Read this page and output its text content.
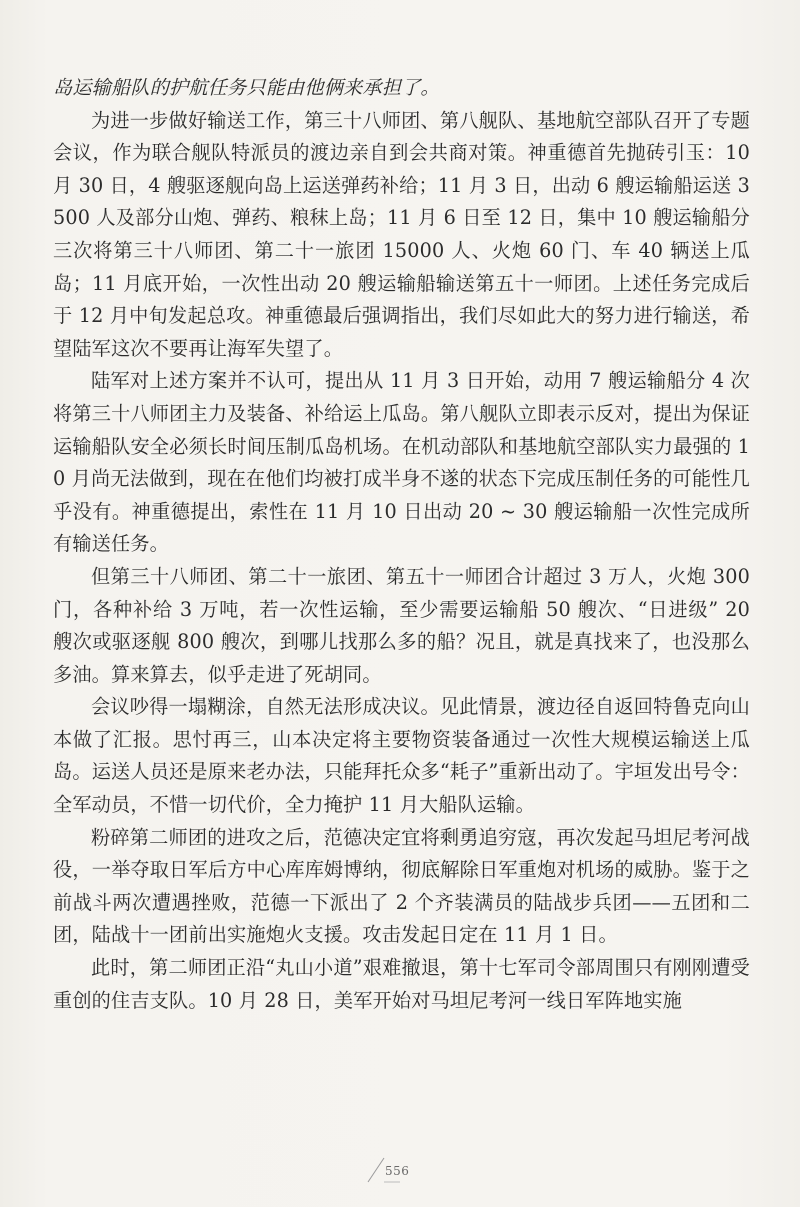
岛运输船队的护航任务只能由他俩来承担了。

为进一步做好输送工作，第三十八师团、第八舰队、基地航空部队召开了专题会议，作为联合舰队特派员的渡边亲自到会共商对策。神重德首先抛砖引玉：10 月 30 日，4 艘驱逐舰向岛上运送弹药补给；11 月 3 日，出动 6 艘运输船运送 3500 人及部分山炮、弹药、粮秣上岛；11 月 6 日至 12 日，集中 10 艘运输船分三次将第三十八师团、第二十一旅团 15000 人、火炮 60 门、车 40 辆送上瓜岛；11 月底开始，一次性出动 20 艘运输船输送第五十一师团。上述任务完成后于 12 月中旬发起总攻。神重德最后强调指出，我们尽如此大的努力进行输送，希望陆军这次不要再让海军失望了。

陆军对上述方案并不认可，提出从 11 月 3 日开始，动用 7 艘运输船分 4 次将第三十八师团主力及装备、补给运上瓜岛。第八舰队立即表示反对，提出为保证运输船队安全必须长时间压制瓜岛机场。在机动部队和基地航空部队实力最强的 10 月尚无法做到，现在在他们均被打成半身不遂的状态下完成压制任务的可能性几乎没有。神重德提出，索性在 11 月 10 日出动 20 ~ 30 艘运输船一次性完成所有输送任务。

但第三十八师团、第二十一旅团、第五十一师团合计超过 3 万人，火炮 300 门，各种补给 3 万吨，若一次性运输，至少需要运输船 50 艘次、“日进级” 20 艘次或驱逐舰 800 艘次，到哪儿找那么多的船？况且，就是真找来了，也没那么多油。算来算去，似乎走进了死胡同。

会议吵得一塌糊涂，自然无法形成决议。见此情景，渡边径自返回特鲁克向山本做了汇报。思忖再三，山本决定将主要物资装备通过一次性大规模运输送上瓜岛。运送人员还是原来老办法，只能拜托众多“耗子”重新出动了。宇垣发出号令：全军动员，不惜一切代价，全力掩护 11 月大船队运输。

粉碎第二师团的进攻之后，范德决定宜将剩勇追穷寇，再次发起马坦尼考河战役，一举夺取日军后方中心库库姆博纳，彻底解除日军重炮对机场的威胁。鉴于之前战斗两次遭遇挫败，范德一下派出了 2 个齐装满员的陆战步兵团——五团和二团，陆战十一团前出实施炮火支援。攻击发起日定在 11 月 1 日。

此时，第二师团正沿“丸山小道”艰难撤退，第十七军司令部周围只有刚刚遭受重创的住吉支队。10 月 28 日，美军开始对马坦尼考河一线日军阵地实施

556
